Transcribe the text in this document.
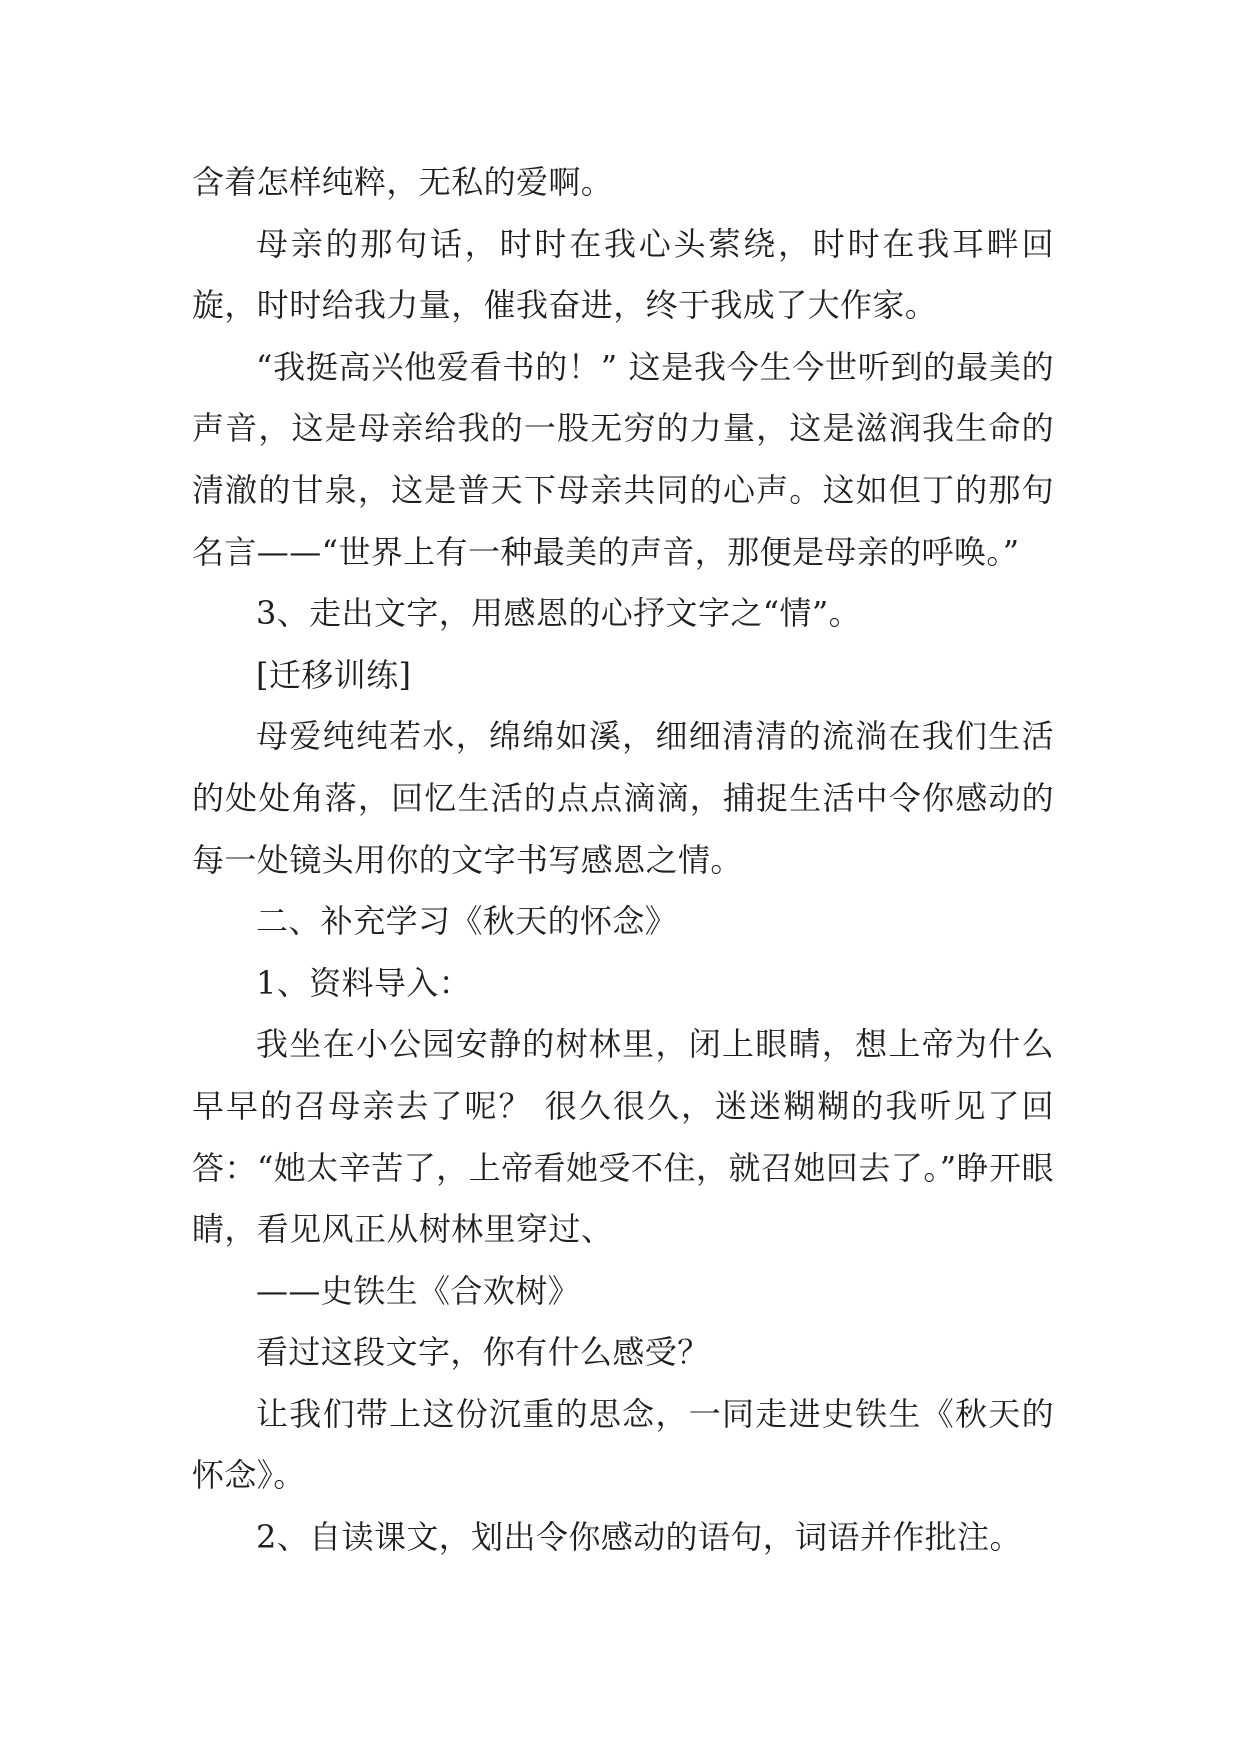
含着怎样纯粹，无私的爱啊。

母亲的那句话，时时在我心头萦绕，时时在我耳畔回旋，时时给我力量，催我奋进，终于我成了大作家。

“我挺高兴他爱看书的！” 这是我今生今世听到的最美的声音，这是母亲给我的一股无穷的力量，这是滋润我生命的清澈的甘泉，这是普天下母亲共同的心声。这如但丁的那句名言——“世界上有一种最美的声音，那便是母亲的呼唤。”

3、走出文字，用感恩的心抒文字之“情”。

[迁移训练]

母爱纯纯若水，绵绵如溪，细细清清的流淌在我们生活的处处角落，回忆生活的点点滴滴，捕捉生活中令你感动的每一处镜头用你的文字书写感恩之情。

二、补充学习《秋天的怀念》

1、资料导入：

我坐在小公园安静的树林里，闭上眼睛，想上帝为什么早早的召母亲去了呢？ 很久很久，迷迷糊糊的我听见了回答：“她太辛苦了，上帝看她受不住，就召她回去了。”睁开眼睛，看见风正从树林里穿过、

——史铁生《合欢树》

看过这段文字，你有什么感受？

让我们带上这份沉重的思念，一同走进史铁生《秋天的怀念》。

2、自读课文，划出令你感动的语句，词语并作批注。
